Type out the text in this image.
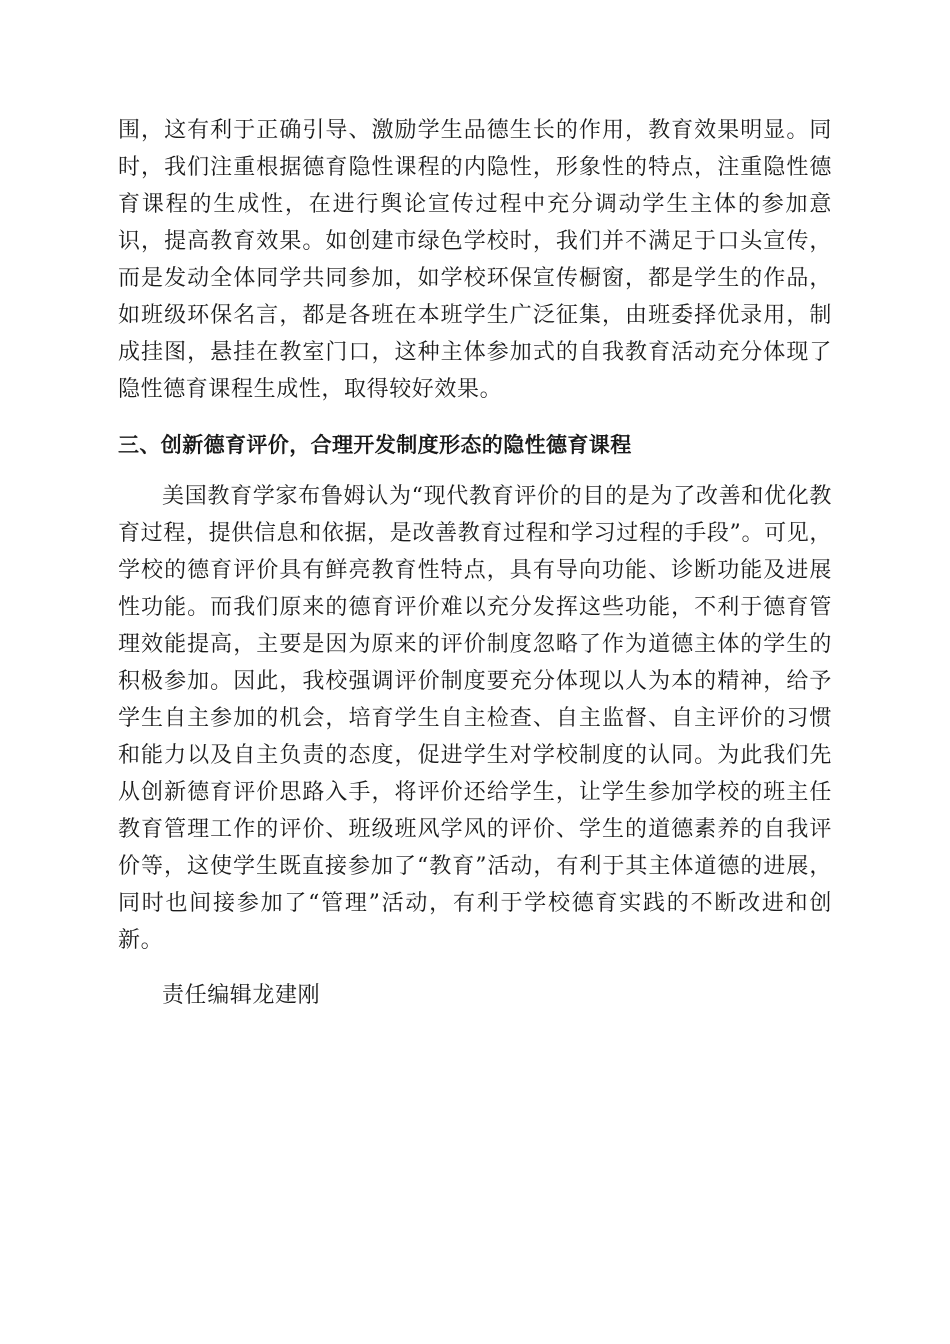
围，这有利于正确引导、激励学生品德生长的作用，教育效果明显。同时，我们注重根据德育隐性课程的内隐性，形象性的特点，注重隐性德育课程的生成性，在进行舆论宣传过程中充分调动学生主体的参加意识，提高教育效果。如创建市绿色学校时，我们并不满足于口头宣传，而是发动全体同学共同参加，如学校环保宣传橱窗，都是学生的作品，如班级环保名言，都是各班在本班学生广泛征集，由班委择优录用，制成挂图，悬挂在教室门口，这种主体参加式的自我教育活动充分体现了隐性德育课程生成性，取得较好效果。

三、创新德育评价，合理开发制度形态的隐性德育课程

美国教育学家布鲁姆认为“现代教育评价的目的是为了改善和优化教育过程，提供信息和依据，是改善教育过程和学习过程的手段”。可见，学校的德育评价具有鲜亮教育性特点，具有导向功能、诊断功能及进展性功能。而我们原来的德育评价难以充分发挥这些功能，不利于德育管理效能提高，主要是因为原来的评价制度忽略了作为道德主体的学生的积极参加。因此，我校强调评价制度要充分体现以人为本的精神，给予学生自主参加的机会，培育学生自主检查、自主监督、自主评价的习惯和能力以及自主负责的态度，促进学生对学校制度的认同。为此我们先从创新德育评价思路入手，将评价还给学生，让学生参加学校的班主任教育管理工作的评价、班级班风学风的评价、学生的道德素养的自我评价等，这使学生既直接参加了“教育”活动，有利于其主体道德的进展，同时也间接参加了“管理”活动，有利于学校德育实践的不断改进和创新。

责任编辑龙建刚
